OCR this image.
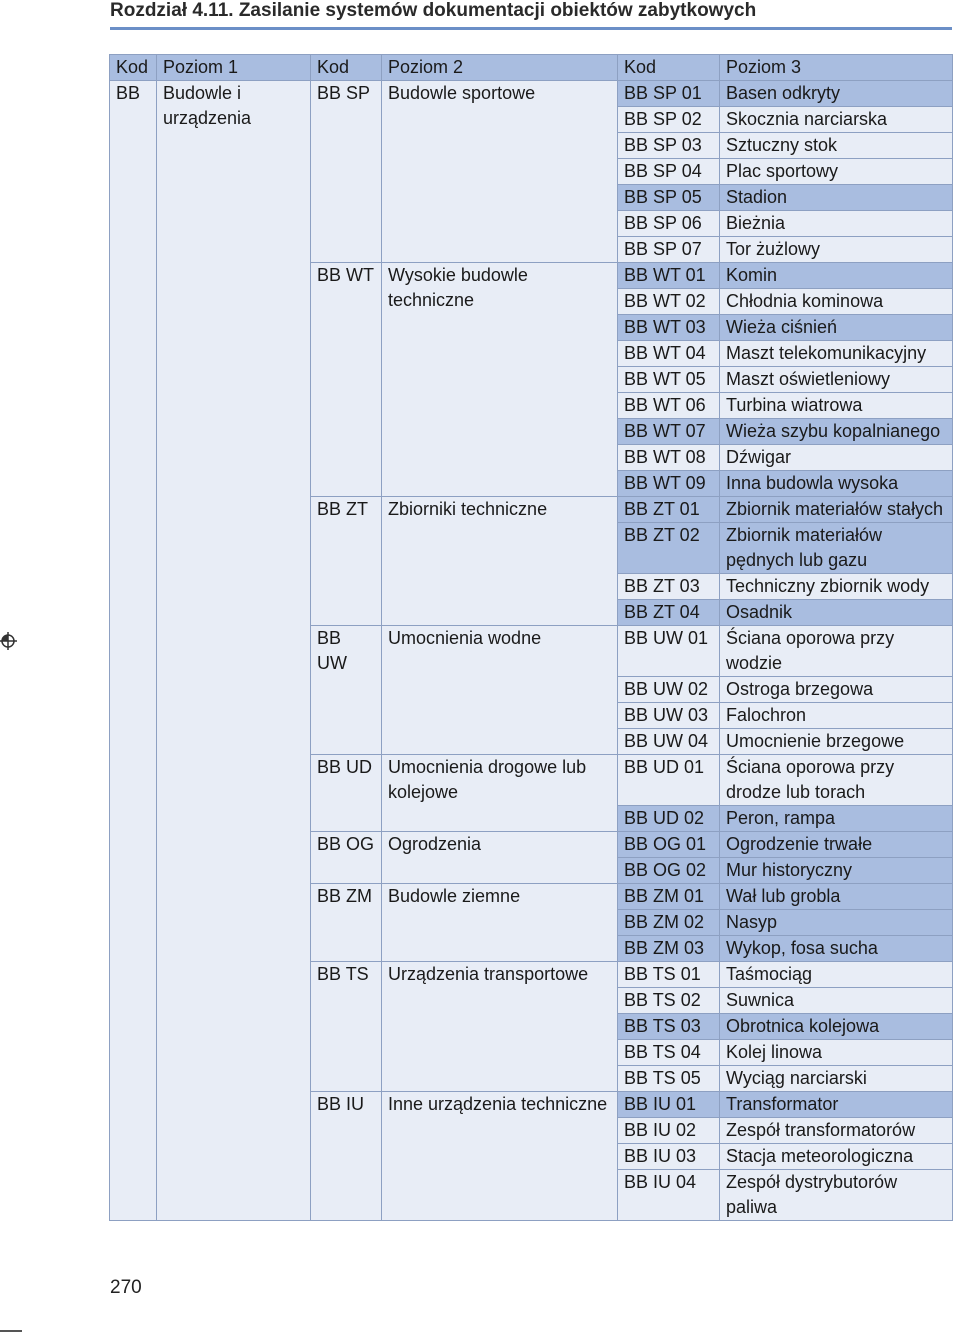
Rozdział 4.11. Zasilanie systemów dokumentacji obiektów zabytkowych
Kod	Poziom 1	Kod	Poziom 2	Kod	Poziom 3
BB	Budowle i urządzenia	BB SP	Budowle sportowe	BB SP 01	Basen odkryty
				BB SP 02	Skocznia narciarska
				BB SP 03	Sztuczny stok
				BB SP 04	Plac sportowy
				BB SP 05	Stadion
				BB SP 06	Bieżnia
				BB SP 07	Tor żużlowy
		BB WT	Wysokie budowle techniczne	BB WT 01	Komin
				BB WT 02	Chłodnia kominowa
				BB WT 03	Wieża ciśnień
				BB WT 04	Maszt telekomunikacyjny
				BB WT 05	Maszt oświetleniowy
				BB WT 06	Turbina wiatrowa
				BB WT 07	Wieża szybu kopalnianego
				BB WT 08	Dźwigar
				BB WT 09	Inna budowla wysoka
		BB ZT	Zbiorniki techniczne	BB ZT 01	Zbiornik materiałów stałych
				BB ZT 02	Zbiornik materiałów pędnych lub gazu
				BB ZT 03	Techniczny zbiornik wody
				BB ZT 04	Osadnik
		BB UW	Umocnienia wodne	BB UW 01	Ściana oporowa przy wodzie
				BB UW 02	Ostroga brzegowa
				BB UW 03	Falochron
				BB UW 04	Umocnienie brzegowe
		BB UD	Umocnienia drogowe lub kolejowe	BB UD 01	Ściana oporowa przy drodze lub torach
				BB UD 02	Peron, rampa
		BB OG	Ogrodzenia	BB OG 01	Ogrodzenie trwałe
				BB OG 02	Mur historyczny
		BB ZM	Budowle ziemne	BB ZM 01	Wał lub grobla
				BB ZM 02	Nasyp
				BB ZM 03	Wykop, fosa sucha
		BB TS	Urządzenia transportowe	BB TS 01	Taśmociąg
				BB TS 02	Suwnica
				BB TS 03	Obrotnica kolejowa
				BB TS 04	Kolej linowa
				BB TS 05	Wyciąg narciarski
		BB IU	Inne urządzenia techniczne	BB IU 01	Transformator
				BB IU 02	Zespół transformatorów
				BB IU 03	Stacja meteorologiczna
				BB IU 04	Zespół dystrybutorów paliwa
270
